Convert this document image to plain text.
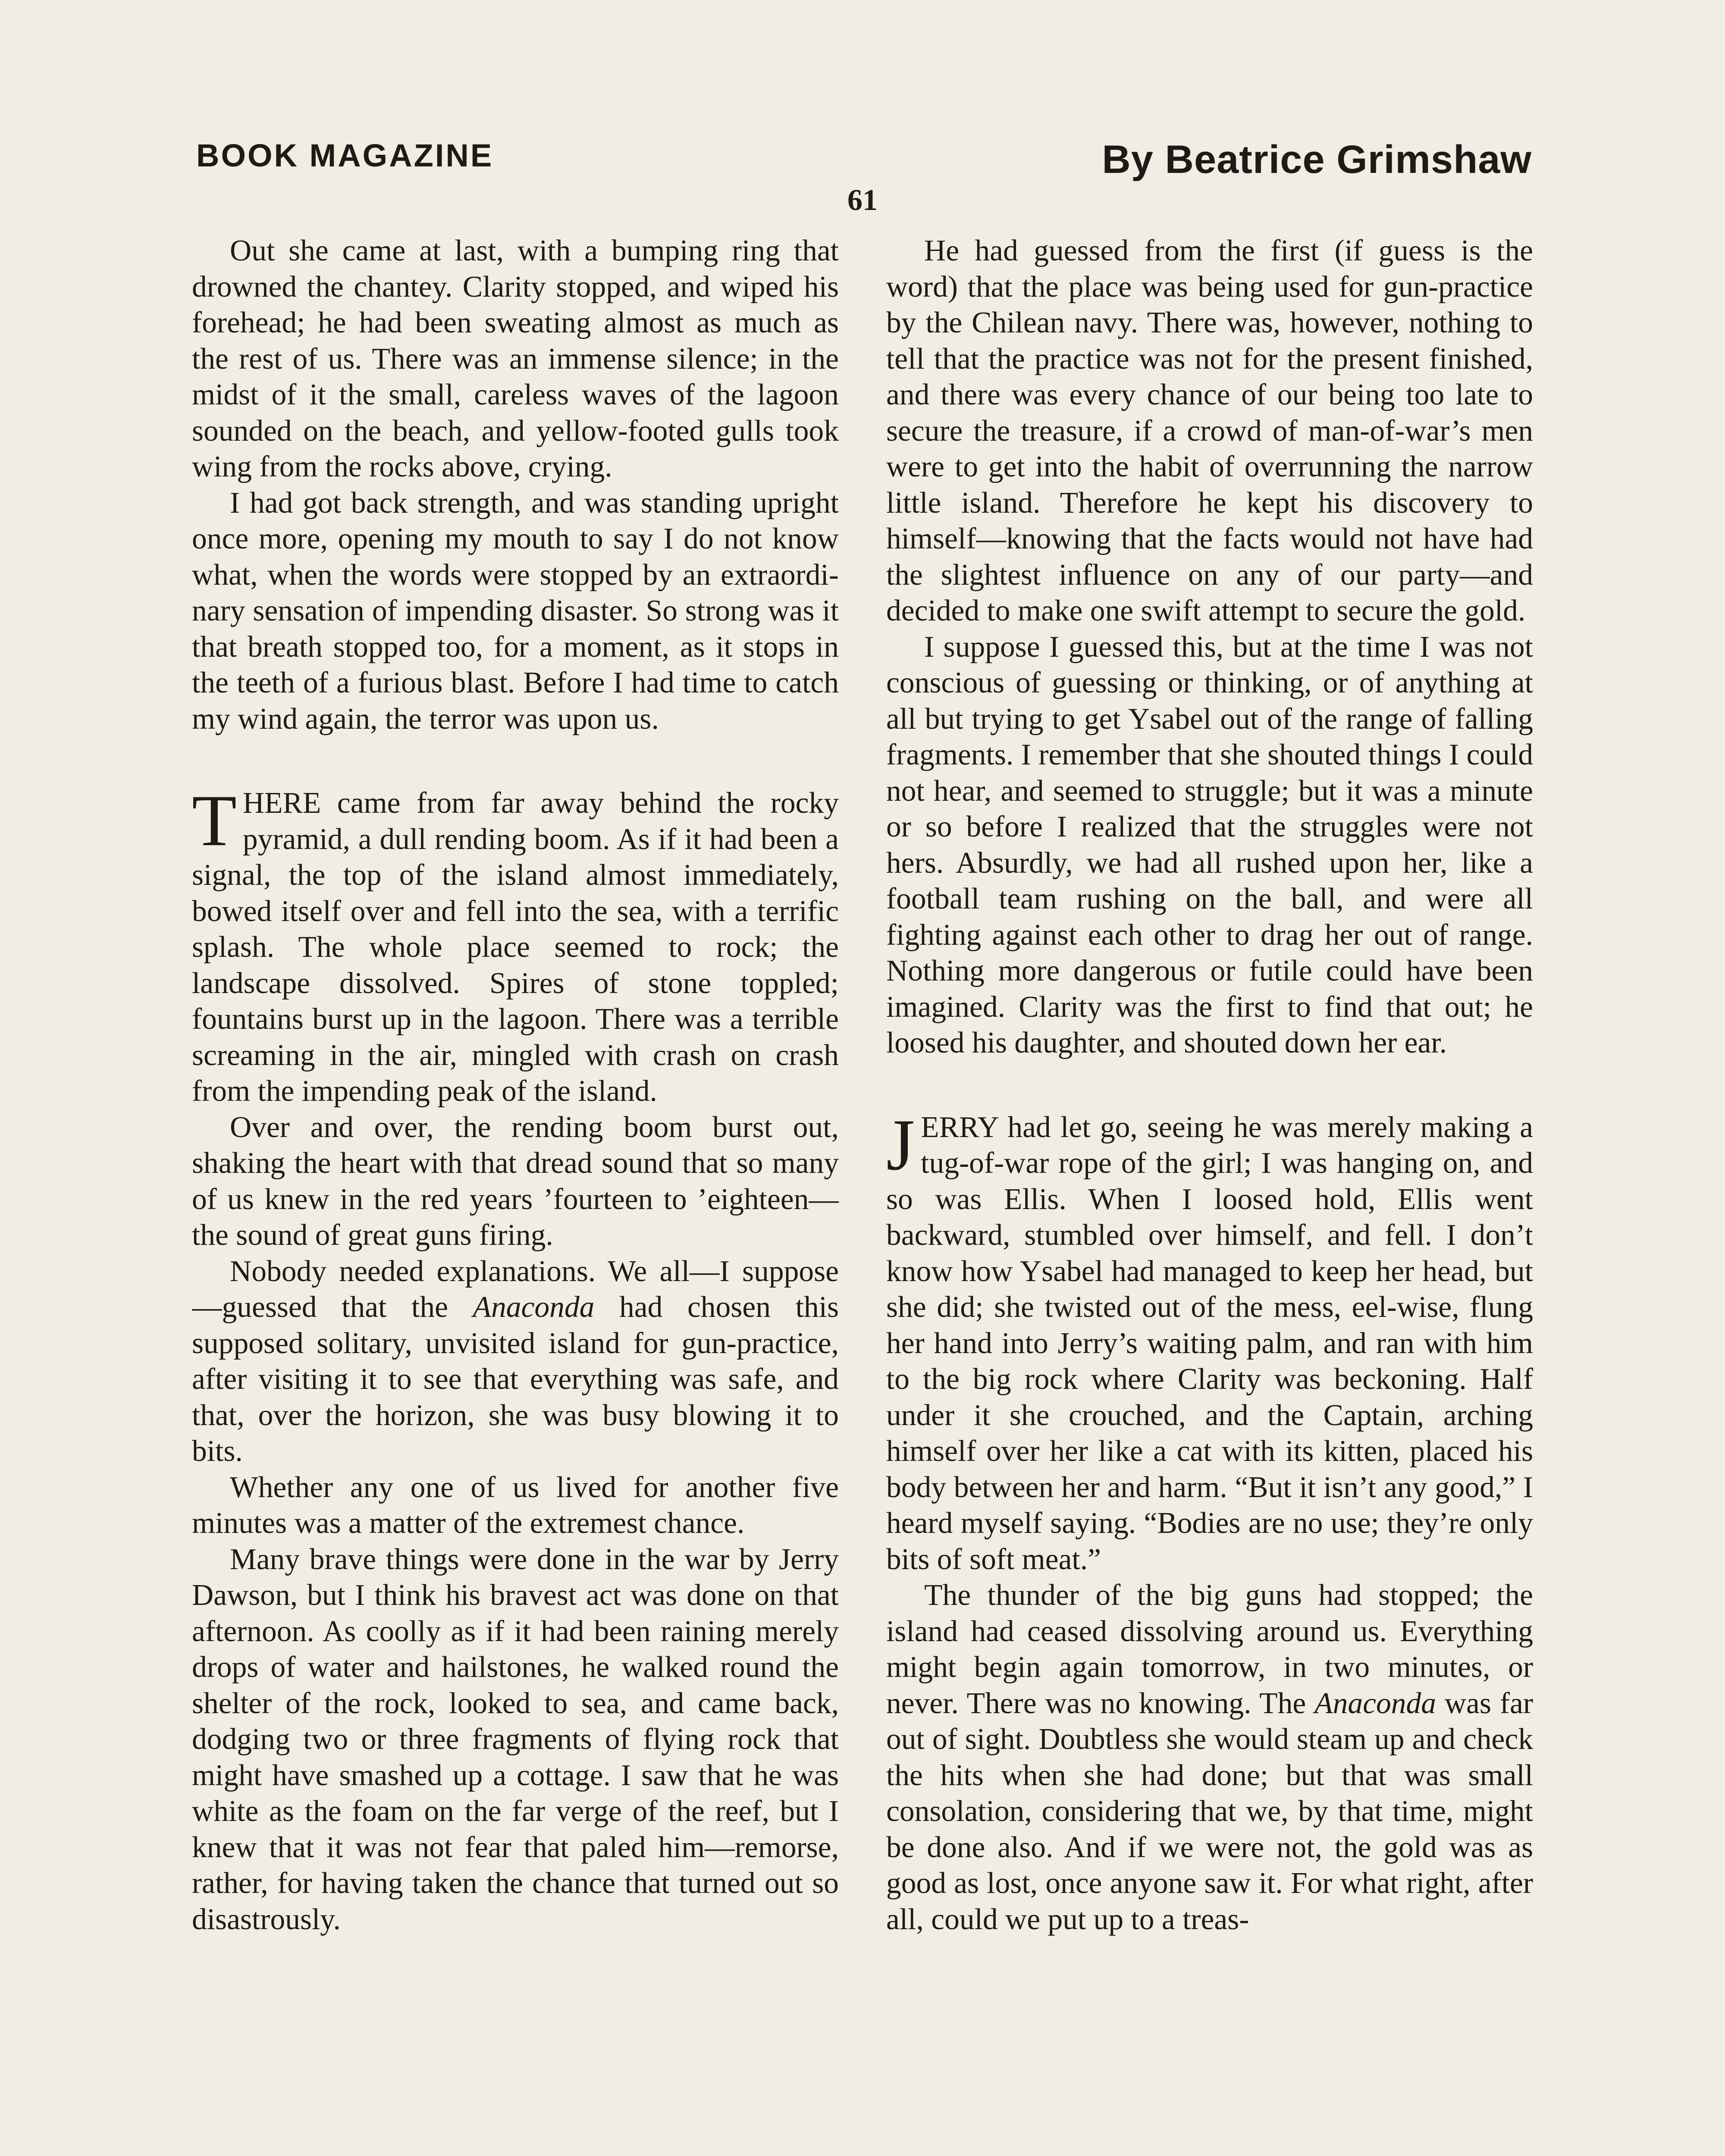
BOOK MAGAZINE	By Beatrice Grimshaw
61

Out she came at last, with a bumping ring that drowned the chantey. Clarity stopped, and wiped his forehead; he had been sweating almost as much as the rest of us. There was an immense silence; in the midst of it the small, careless waves of the lagoon sounded on the beach, and yellow-footed gulls took wing from the rocks above, crying.

I had got back strength, and was standing upright once more, opening my mouth to say I do not know what, when the words were stopped by an extraordinary sensation of impending disaster. So strong was it that breath stopped too, for a moment, as it stops in the teeth of a furious blast. Before I had time to catch my wind again, the terror was upon us.

THERE came from far away behind the rocky pyramid, a dull rending boom. As if it had been a signal, the top of the island almost immediately, bowed itself over and fell into the sea, with a terrific splash. The whole place seemed to rock; the landscape dissolved. Spires of stone toppled; fountains burst up in the lagoon. There was a terrible screaming in the air, mingled with crash on crash from the impending peak of the island.

Over and over, the rending boom burst out, shaking the heart with that dread sound that so many of us knew in the red years ’fourteen to ’eighteen—the sound of great guns firing.

Nobody needed explanations. We all—I suppose—guessed that the Anaconda had chosen this supposed solitary, unvisited island for gun-practice, after visiting it to see that everything was safe, and that, over the horizon, she was busy blowing it to bits.

Whether any one of us lived for another five minutes was a matter of the extremest chance.

Many brave things were done in the war by Jerry Dawson, but I think his bravest act was done on that afternoon. As coolly as if it had been raining merely drops of water and hailstones, he walked round the shelter of the rock, looked to sea, and came back, dodging two or three fragments of flying rock that might have smashed up a cottage. I saw that he was white as the foam on the far verge of the reef, but I knew that it was not fear that paled him—remorse, rather, for having taken the chance that turned out so disastrously.

He had guessed from the first (if guess is the word) that the place was being used for gun-practice by the Chilean navy. There was, however, nothing to tell that the practice was not for the present finished, and there was every chance of our being too late to secure the treasure, if a crowd of man-of-war’s men were to get into the habit of overrunning the narrow little island. Therefore he kept his discovery to himself—knowing that the facts would not have had the slightest influence on any of our party—and decided to make one swift attempt to secure the gold.

I suppose I guessed this, but at the time I was not conscious of guessing or thinking, or of anything at all but trying to get Ysabel out of the range of falling fragments. I remember that she shouted things I could not hear, and seemed to struggle; but it was a minute or so before I realized that the struggles were not hers. Absurdly, we had all rushed upon her, like a football team rushing on the ball, and were all fighting against each other to drag her out of range. Nothing more dangerous or futile could have been imagined. Clarity was the first to find that out; he loosed his daughter, and shouted down her ear.

JERRY had let go, seeing he was merely making a tug-of-war rope of the girl; I was hanging on, and so was Ellis. When I loosed hold, Ellis went backward, stumbled over himself, and fell. I don’t know how Ysabel had managed to keep her head, but she did; she twisted out of the mess, eel-wise, flung her hand into Jerry’s waiting palm, and ran with him to the big rock where Clarity was beckoning. Half under it she crouched, and the Captain, arching himself over her like a cat with its kitten, placed his body between her and harm. “But it isn’t any good,” I heard myself saying. “Bodies are no use; they’re only bits of soft meat.”

The thunder of the big guns had stopped; the island had ceased dissolving around us. Everything might begin again tomorrow, in two minutes, or never. There was no knowing. The Anaconda was far out of sight. Doubtless she would steam up and check the hits when she had done; but that was small consolation, considering that we, by that time, might be done also. And if we were not, the gold was as good as lost, once anyone saw it. For what right, after all, could we put up to a treas-
